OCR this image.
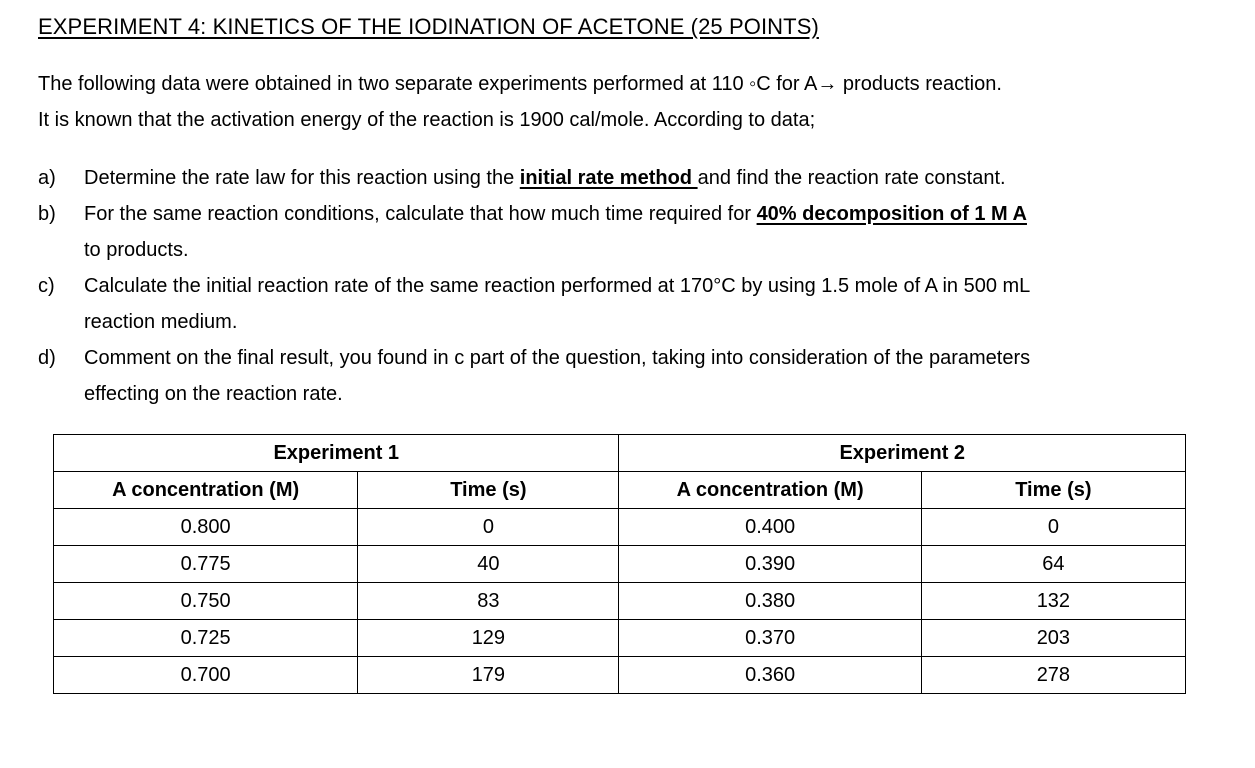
EXPERIMENT 4: KINETICS OF THE IODINATION OF ACETONE (25 POINTS)

The following data were obtained in two separate experiments performed at 110 ◦C for A→ products reaction.

It is known that the activation energy of the reaction is 1900 cal/mole. According to data;

a) Determine the rate law for this reaction using the initial rate method and find the reaction rate constant.
b) For the same reaction conditions, calculate that how much time required for 40% decomposition of 1 M A
to products.
c) Calculate the initial reaction rate of the same reaction performed at 170°C by using 1.5 mole of A in 500 mL
reaction medium.
d) Comment on the final result, you found in c part of the question, taking into consideration of the parameters
effecting on the reaction rate.
Experiment 1		Experiment 2	
A concentration (M)	Time (s)	A concentration (M)	Time (s)
0.800	0	0.400	0
0.775	40	0.390	64
0.750	83	0.380	132
0.725	129	0.370	203
0.700	179	0.360	278
